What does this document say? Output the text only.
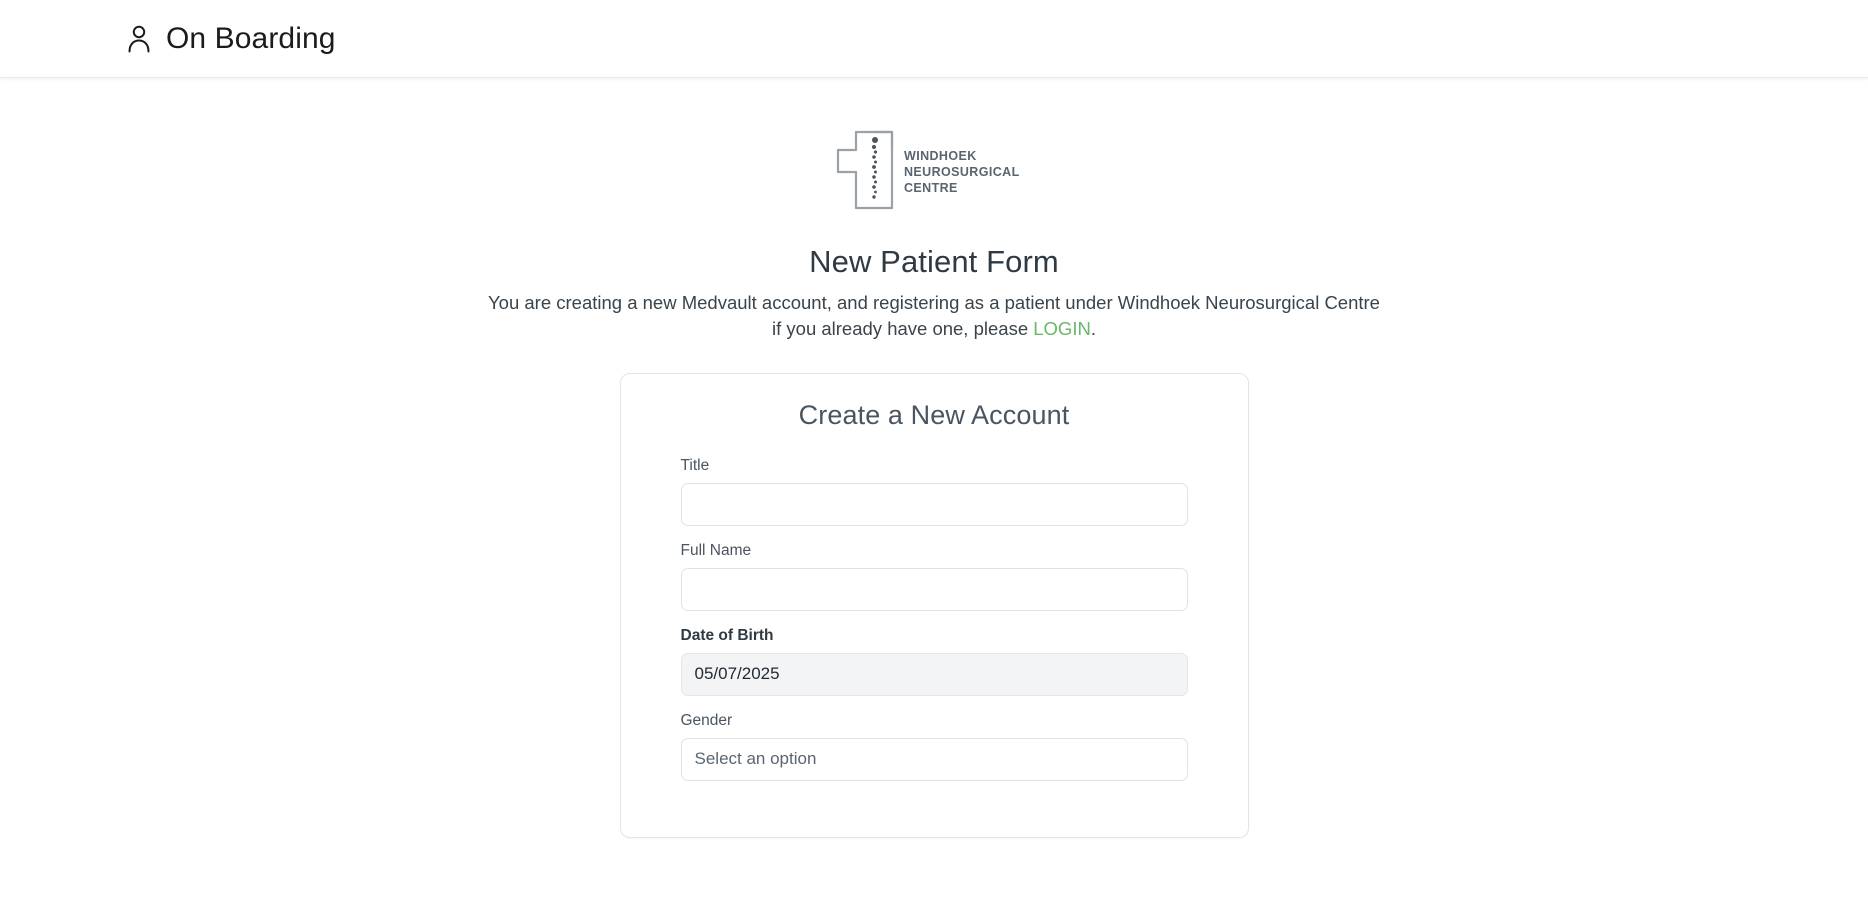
On Boarding
WINDHOEK
NEUROSURGICAL
CENTRE
New Patient Form
You are creating a new Medvault account, and registering as a patient under Windhoek Neurosurgical Centre
if you already have one, please LOGIN.
Create a New Account
Title
Full Name
Date of Birth
05/07/2025
Gender
Select an option
